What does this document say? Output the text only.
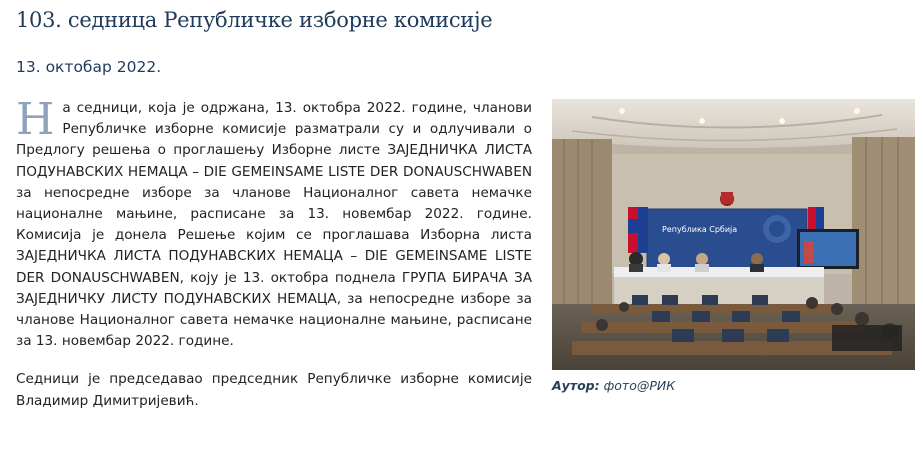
103. седница Републичке изборне комисије
13. октобар 2022.

На седници, која је одржана, 13. октобра 2022. године, чланови Републичке изборне комисије разматрали су и одлучивали о Предлогу решења о проглашењу Изборне листе ЗАЈЕДНИЧКА ЛИСТА ПОДУНАВСКИХ НЕМАЦА – DIE GEMEINSAME LISTE DER DONAUSCHWABEN за непосредне изборе за чланове Националног савета немачке националне мањине, расписане за 13. новембар 2022. године. Комисија је донела Решење којим се проглашава Изборна листа ЗАЈЕДНИЧКА ЛИСТА ПОДУНАВСКИХ НЕМАЦА – DIE GEMEINSAME LISTE DER DONAUSCHWABEN, коју је 13. октобра поднела ГРУПА БИРАЧА ЗА ЗАЈЕДНИЧКУ ЛИСТУ ПОДУНАВСКИХ НЕМАЦА, за непосредне изборе за чланове Националног савета немачке националне мањине, расписане за 13. новембар 2022. године.

Седници је председавао председник Републичке изборне комисије Владимир Димитријевић.

Република Србија
Аутор: фото@РИК
